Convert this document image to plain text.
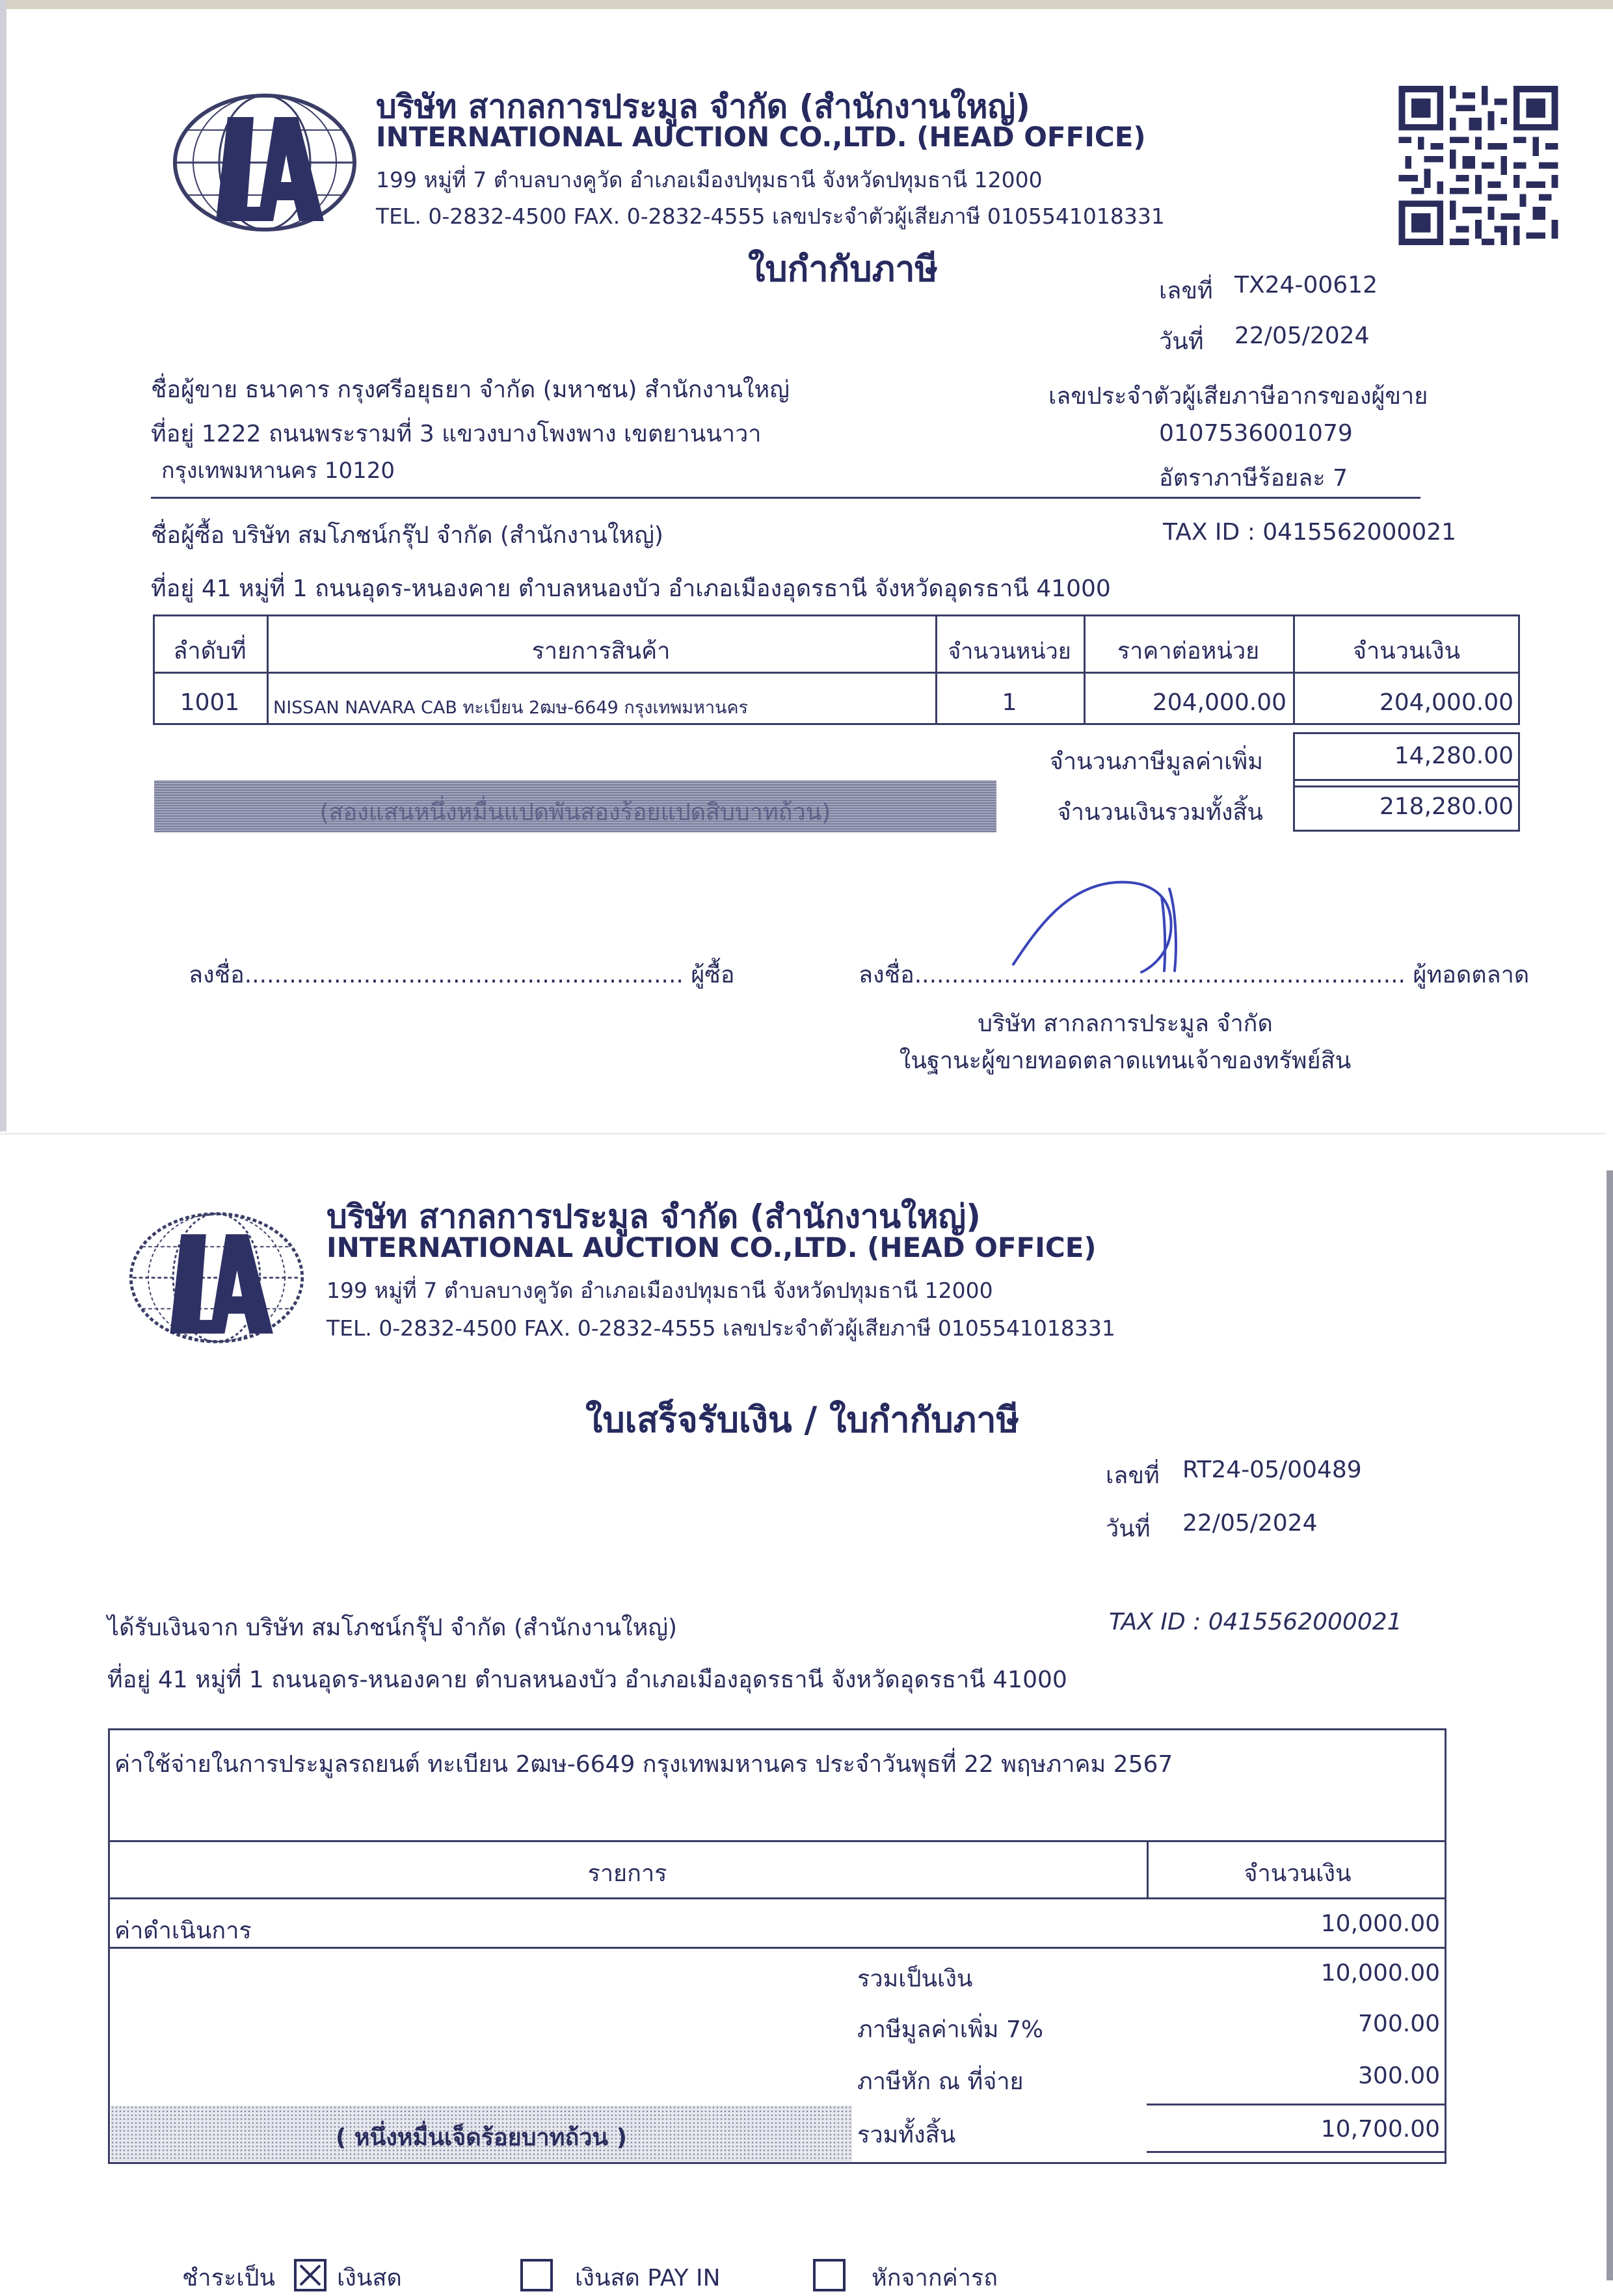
บริษัท สากลการประมูล จำกัด (สำนักงานใหญ่)
INTERNATIONAL AUCTION CO.,LTD. (HEAD OFFICE)
199 หมู่ที่ 7 ตำบลบางคูวัด อำเภอเมืองปทุมธานี จังหวัดปทุมธานี 12000
TEL. 0-2832-4500 FAX. 0-2832-4555 เลขประจำตัวผู้เสียภาษี 0105541018331
ใบกำกับภาษี
เลขที่ TX24-00612
วันที่ 22/05/2024
ชื่อผู้ขาย ธนาคาร กรุงศรีอยุธยา จำกัด (มหาชน) สำนักงานใหญ่
ที่อยู่ 1222 ถนนพระรามที่ 3 แขวงบางโพงพาง เขตยานนาวา
กรุงเทพมหานคร 10120
เลขประจำตัวผู้เสียภาษีอากรของผู้ขาย
0107536001079
อัตราภาษีร้อยละ 7
ชื่อผู้ซื้อ บริษัท สมโภชน์กรุ๊ป จำกัด (สำนักงานใหญ่)	TAX ID : 0415562000021
ที่อยู่ 41 หมู่ที่ 1 ถนนอุดร-หนองคาย ตำบลหนองบัว อำเภอเมืองอุดรธานี จังหวัดอุดรธานี 41000
ลำดับที่	รายการสินค้า	จำนวนหน่วย	ราคาต่อหน่วย	จำนวนเงิน
1001	NISSAN NAVARA CAB ทะเบียน 2ฒษ-6649 กรุงเทพมหานคร	1	204,000.00	204,000.00
จำนวนภาษีมูลค่าเพิ่ม	14,280.00
จำนวนเงินรวมทั้งสิ้น	218,280.00
(สองแสนหนึ่งหมื่นแปดพันสองร้อยแปดสิบบาทถ้วน)
ลงชื่อ........................................................... ผู้ซื้อ	ลงชื่อ.................................................................. ผู้ทอดตลาด
บริษัท สากลการประมูล จำกัด
ในฐานะผู้ขายทอดตลาดแทนเจ้าของทรัพย์สิน
บริษัท สากลการประมูล จำกัด (สำนักงานใหญ่)
INTERNATIONAL AUCTION CO.,LTD. (HEAD OFFICE)
199 หมู่ที่ 7 ตำบลบางคูวัด อำเภอเมืองปทุมธานี จังหวัดปทุมธานี 12000
TEL. 0-2832-4500 FAX. 0-2832-4555 เลขประจำตัวผู้เสียภาษี 0105541018331
ใบเสร็จรับเงิน / ใบกำกับภาษี
เลขที่ RT24-05/00489
วันที่ 22/05/2024
ได้รับเงินจาก บริษัท สมโภชน์กรุ๊ป จำกัด (สำนักงานใหญ่)	TAX ID : 0415562000021
ที่อยู่ 41 หมู่ที่ 1 ถนนอุดร-หนองคาย ตำบลหนองบัว อำเภอเมืองอุดรธานี จังหวัดอุดรธานี 41000
ค่าใช้จ่ายในการประมูลรถยนต์ ทะเบียน 2ฒษ-6649 กรุงเทพมหานคร ประจำวันพุธที่ 22 พฤษภาคม 2567
รายการ	จำนวนเงิน
ค่าดำเนินการ	10,000.00
รวมเป็นเงิน	10,000.00
ภาษีมูลค่าเพิ่ม 7%	700.00
ภาษีหัก ณ ที่จ่าย	300.00
( หนึ่งหมื่นเจ็ดร้อยบาทถ้วน )	รวมทั้งสิ้น	10,700.00
ชำระเป็น	เงินสด	เงินสด PAY IN	หักจากค่ารถ
